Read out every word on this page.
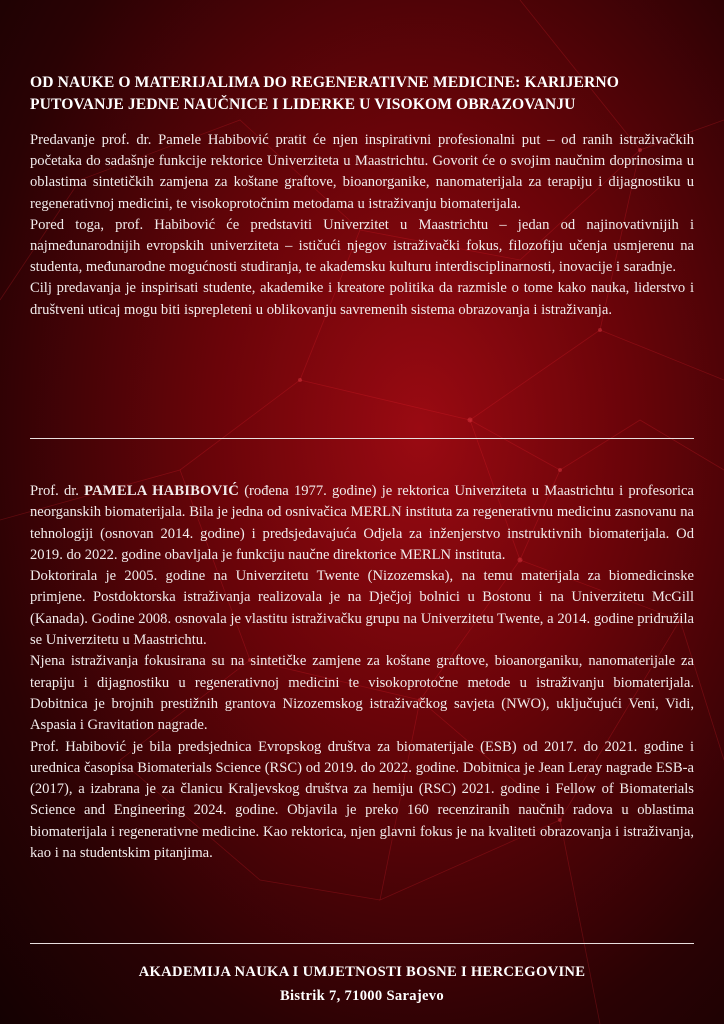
OD NAUKE O MATERIJALIMA DO REGENERATIVNE MEDICINE: KARIJERNO PUTOVANJE JEDNE NAUČNICE I LIDERKE U VISOKOM OBRAZOVANJU

Predavanje prof. dr. Pamele Habibović pratit će njen inspirativni profesionalni put – od ranih istraživačkih početaka do sadašnje funkcije rektorice Univerziteta u Maastrichtu. Govorit će o svojim naučnim doprinosima u oblastima sintetičkih zamjena za koštane graftove, bioanorganike, nanomaterijala za terapiju i dijagnostiku u regenerativnoj medicini, te visokoprotočnim metodama u istraživanju biomaterijala.

Pored toga, prof. Habibović će predstaviti Univerzitet u Maastrichtu – jedan od najinovativnijih i najmeđunarodnijih evropskih univerziteta – ističući njegov istraživački fokus, filozofiju učenja usmjerenu na studenta, međunarodne mogućnosti studiranja, te akademsku kulturu interdisciplinarnosti, inovacije i saradnje.

Cilj predavanja je inspirisati studente, akademike i kreatore politika da razmisle o tome kako nauka, liderstvo i društveni uticaj mogu biti isprepleteni u oblikovanju savremenih sistema obrazovanja i istraživanja.

Prof. dr. PAMELA HABIBOVIĆ (rođena 1977. godine) je rektorica Univerziteta u Maastrichtu i profesorica neorganskih biomaterijala. Bila je jedna od osnivačica MERLN instituta za regenerativnu medicinu zasnovanu na tehnologiji (osnovan 2014. godine) i predsjedavajuća Odjela za inženjerstvo instruktivnih biomaterijala. Od 2019. do 2022. godine obavljala je funkciju naučne direktorice MERLN instituta.

Doktorirala je 2005. godine na Univerzitetu Twente (Nizozemska), na temu materijala za biomedicinske primjene. Postdoktorska istraživanja realizovala je na Dječjoj bolnici u Bostonu i na Univerzitetu McGill (Kanada). Godine 2008. osnovala je vlastitu istraživačku grupu na Univerzitetu Twente, a 2014. godine pridružila se Univerzitetu u Maastrichtu.

Njena istraživanja fokusirana su na sintetičke zamjene za koštane graftove, bioanorganiku, nanomaterijale za terapiju i dijagnostiku u regenerativnoj medicini te visokoprotočne metode u istraživanju biomaterijala. Dobitnica je brojnih prestižnih grantova Nizozemskog istraživačkog savjeta (NWO), uključujući Veni, Vidi, Aspasia i Gravitation nagrade.

Prof. Habibović je bila predsjednica Evropskog društva za biomaterijale (ESB) od 2017. do 2021. godine i urednica časopisa Biomaterials Science (RSC) od 2019. do 2022. godine. Dobitnica je Jean Leray nagrade ESB-a (2017), a izabrana je za članicu Kraljevskog društva za hemiju (RSC) 2021. godine i Fellow of Biomaterials Science and Engineering 2024. godine. Objavila je preko 160 recenziranih naučnih radova u oblastima biomaterijala i regenerativne medicine. Kao rektorica, njen glavni fokus je na kvaliteti obrazovanja i istraživanja, kao i na studentskim pitanjima.

AKADEMIJA NAUKA I UMJETNOSTI BOSNE I HERCEGOVINE
Bistrik 7, 71000 Sarajevo
